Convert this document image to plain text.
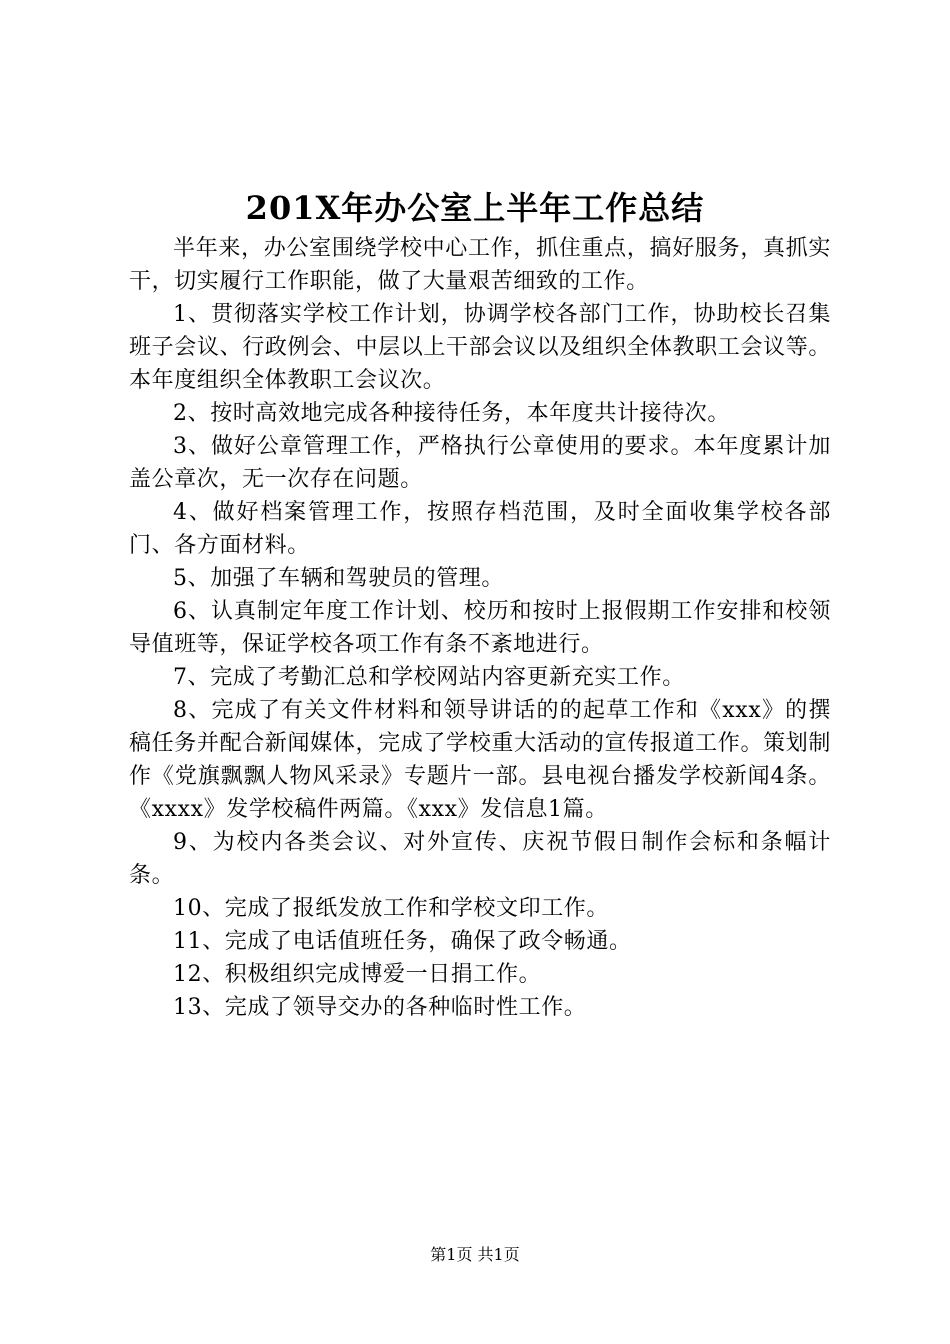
201X年办公室上半年工作总结

半年来，办公室围绕学校中心工作，抓住重点，搞好服务，真抓实干，切实履行工作职能，做了大量艰苦细致的工作。

1、贯彻落实学校工作计划，协调学校各部门工作，协助校长召集班子会议、行政例会、中层以上干部会议以及组织全体教职工会议等。本年度组织全体教职工会议次。

2、按时高效地完成各种接待任务，本年度共计接待次。

3、做好公章管理工作，严格执行公章使用的要求。本年度累计加盖公章次，无一次存在问题。

4、做好档案管理工作，按照存档范围，及时全面收集学校各部门、各方面材料。

5、加强了车辆和驾驶员的管理。

6、认真制定年度工作计划、校历和按时上报假期工作安排和校领导值班等，保证学校各项工作有条不紊地进行。

7、完成了考勤汇总和学校网站内容更新充实工作。

8、完成了有关文件材料和领导讲话的的起草工作和《xxx》的撰稿任务并配合新闻媒体，完成了学校重大活动的宣传报道工作。策划制作《党旗飘飘人物风采录》专题片一部。县电视台播发学校新闻4条。《xxxx》发学校稿件两篇。《xxx》发信息1篇。

9、为校内各类会议、对外宣传、庆祝节假日制作会标和条幅计条。

10、完成了报纸发放工作和学校文印工作。

11、完成了电话值班任务，确保了政令畅通。

12、积极组织完成博爱一日捐工作。

13、完成了领导交办的各种临时性工作。

第1页 共1页
